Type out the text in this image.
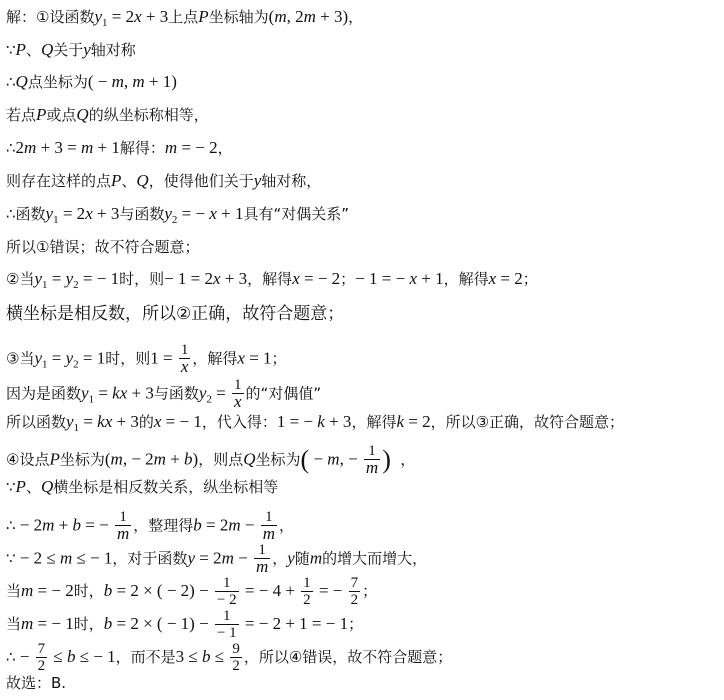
解：①设函数$y_1 = 2x + 3$上点P坐标轴为(m, 2m + 3)，
∵P、Q关于y轴对称
∴Q点坐标为( − m, m + 1)
若点P或点Q的纵坐标称相等，
∴2m + 3 = m + 1解得：m = − 2，
则存在这样的点P、Q，使得他们关于y轴对称，
∴函数$y_1 = 2x + 3$与函数$y_2$ = − x + 1具有“对偶关系”
所以①错误；故不符合题意；
②当$y_1 = y_2$ = − 1时，则− 1 = 2x + 3，解得x = − 2；− 1 = − x + 1，解得x = 2；
横坐标是相反数，所以②正确，故符合题意；
③当$y_1 = y_2 = 1$时，则$1 = \frac{1}{x}$ ，解得x = 1；
因为是函数$y_1$ = kx + 3与函数$y_2 = \frac{1}{x}$ 的“对偶值”
所以函数$y_1$ = kx + 3的x = − 1，代入得：1 = − k + 3，解得k = 2，所以③正确，故符合题意；
④设点P坐标为(m, − 2m + b)，则点Q坐标为( − m, − $\frac{1}{m}$ )  ，
∵P、Q横坐标是相反数关系，纵坐标相等
∴ − 2m + b = − $\frac{1}{m}$ ，整理得$b = 2m - \frac{1}{m}$ ，
∵ − 2 ≤ m ≤ − 1，对于函数$y = 2m - \frac{1}{m}$ ，y随m的增大而增大，
当m = − 2时，b = 2 × ( − $2) - \frac{1}{- 2}$ = − $4 + \frac{1}{2}$ = − $\frac{7}{2}$ ；
当m = − 1时，b = 2 × ( − $1) - \frac{1}{- 1}$ = − 2 + 1 = − 1；
∴ − $\frac{7}{2} \le b$ ≤ − 1，而不是$3 \le b \le \frac{9}{2}$ ，所以④错误，故不符合题意；
故选：B.
